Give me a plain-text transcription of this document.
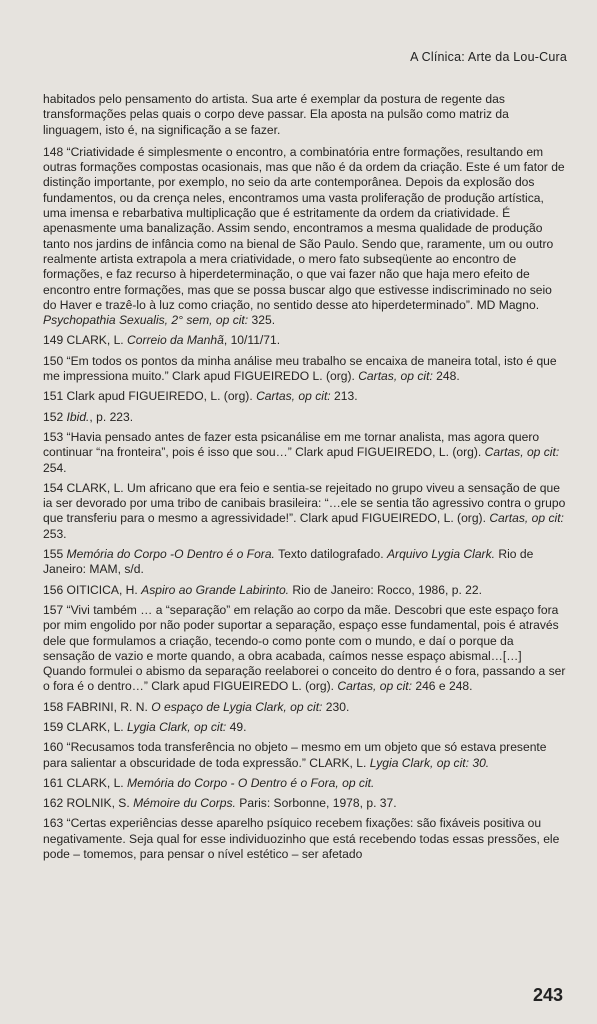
A Clínica: Arte da Lou-Cura

habitados pelo pensamento do artista. Sua arte é exemplar da postura de regente das transformações pelas quais o corpo deve passar. Ela aposta na pulsão como matriz da linguagem, isto é, na significação a se fazer.

148 “Criatividade é simplesmente o encontro, a combinatória entre formações, resultando em outras formações compostas ocasionais, mas que não é da ordem da criação. Este é um fator de distinção importante, por exemplo, no seio da arte contemporânea. Depois da explosão dos fundamentos, ou da crença neles, encontramos uma vasta proliferação de produção artística, uma imensa e rebarbativa multiplicação que é estritamente da ordem da criatividade. É apenasmente uma banalização. Assim sendo, encontramos a mesma qualidade de produção tanto nos jardins de infância como na bienal de São Paulo. Sendo que, raramente, um ou outro realmente artista extrapola a mera criatividade, o mero fato subseqüente ao encontro de formações, e faz recurso à hiperdeterminação, o que vai fazer não que haja mero efeito de encontro entre formações, mas que se possa buscar algo que estivesse indiscriminado no seio do Haver e trazê-lo à luz como criação, no sentido desse ato hiperdeterminado”. MD Magno. Psychopathia Sexualis, 2° sem, op cit: 325.

149 CLARK, L. Correio da Manhã, 10/11/71.

150 “Em todos os pontos da minha análise meu trabalho se encaixa de maneira total, isto é que me impressiona muito.” Clark apud FIGUEIREDO L. (org). Cartas, op cit: 248.

151 Clark apud FIGUEIREDO, L. (org). Cartas, op cit: 213.

152 Ibid., p. 223.

153 “Havia pensado antes de fazer esta psicanálise em me tornar analista, mas agora quero continuar “na fronteira”, pois é isso que sou…” Clark apud FIGUEIREDO, L. (org). Cartas, op cit: 254.

154 CLARK, L. Um africano que era feio e sentia-se rejeitado no grupo viveu a sensação de que ia ser devorado por uma tribo de canibais brasileira: “…ele se sentia tão agressivo contra o grupo que transferiu para o mesmo a agressividade!”. Clark apud FIGUEIREDO, L. (org). Cartas, op cit: 253.

155 Memória do Corpo -O Dentro é o Fora. Texto datilografado. Arquivo Lygia Clark. Rio de Janeiro: MAM, s/d.

156 OITICICA, H. Aspiro ao Grande Labirinto. Rio de Janeiro: Rocco, 1986, p. 22.

157 “Vivi também … a “separação” em relação ao corpo da mãe. Descobri que este espaço fora por mim engolido por não poder suportar a separação, espaço esse fundamental, pois é através dele que formulamos a criação, tecendo-o como ponte com o mundo, e daí o porque da sensação de vazio e morte quando, a obra acabada, caímos nesse espaço abismal…[…] Quando formulei o abismo da separação reelaborei o conceito do dentro é o fora, passando a ser o fora é o dentro…” Clark apud FIGUEIREDO L. (org). Cartas, op cit: 246 e 248.

158 FABRINI, R. N. O espaço de Lygia Clark, op cit: 230.

159 CLARK, L. Lygia Clark, op cit: 49.

160 “Recusamos toda transferência no objeto – mesmo em um objeto que só estava presente para salientar a obscuridade de toda expressão.” CLARK, L. Lygia Clark, op cit: 30.

161 CLARK, L. Memória do Corpo - O Dentro é o Fora, op cit.

162 ROLNIK, S. Mémoire du Corps. Paris: Sorbonne, 1978, p. 37.

163 “Certas experiências desse aparelho psíquico recebem fixações: são fixáveis positiva ou negativamente. Seja qual for esse individuozinho que está recebendo todas essas pressões, ele pode – tomemos, para pensar o nível estético – ser afetado

243
